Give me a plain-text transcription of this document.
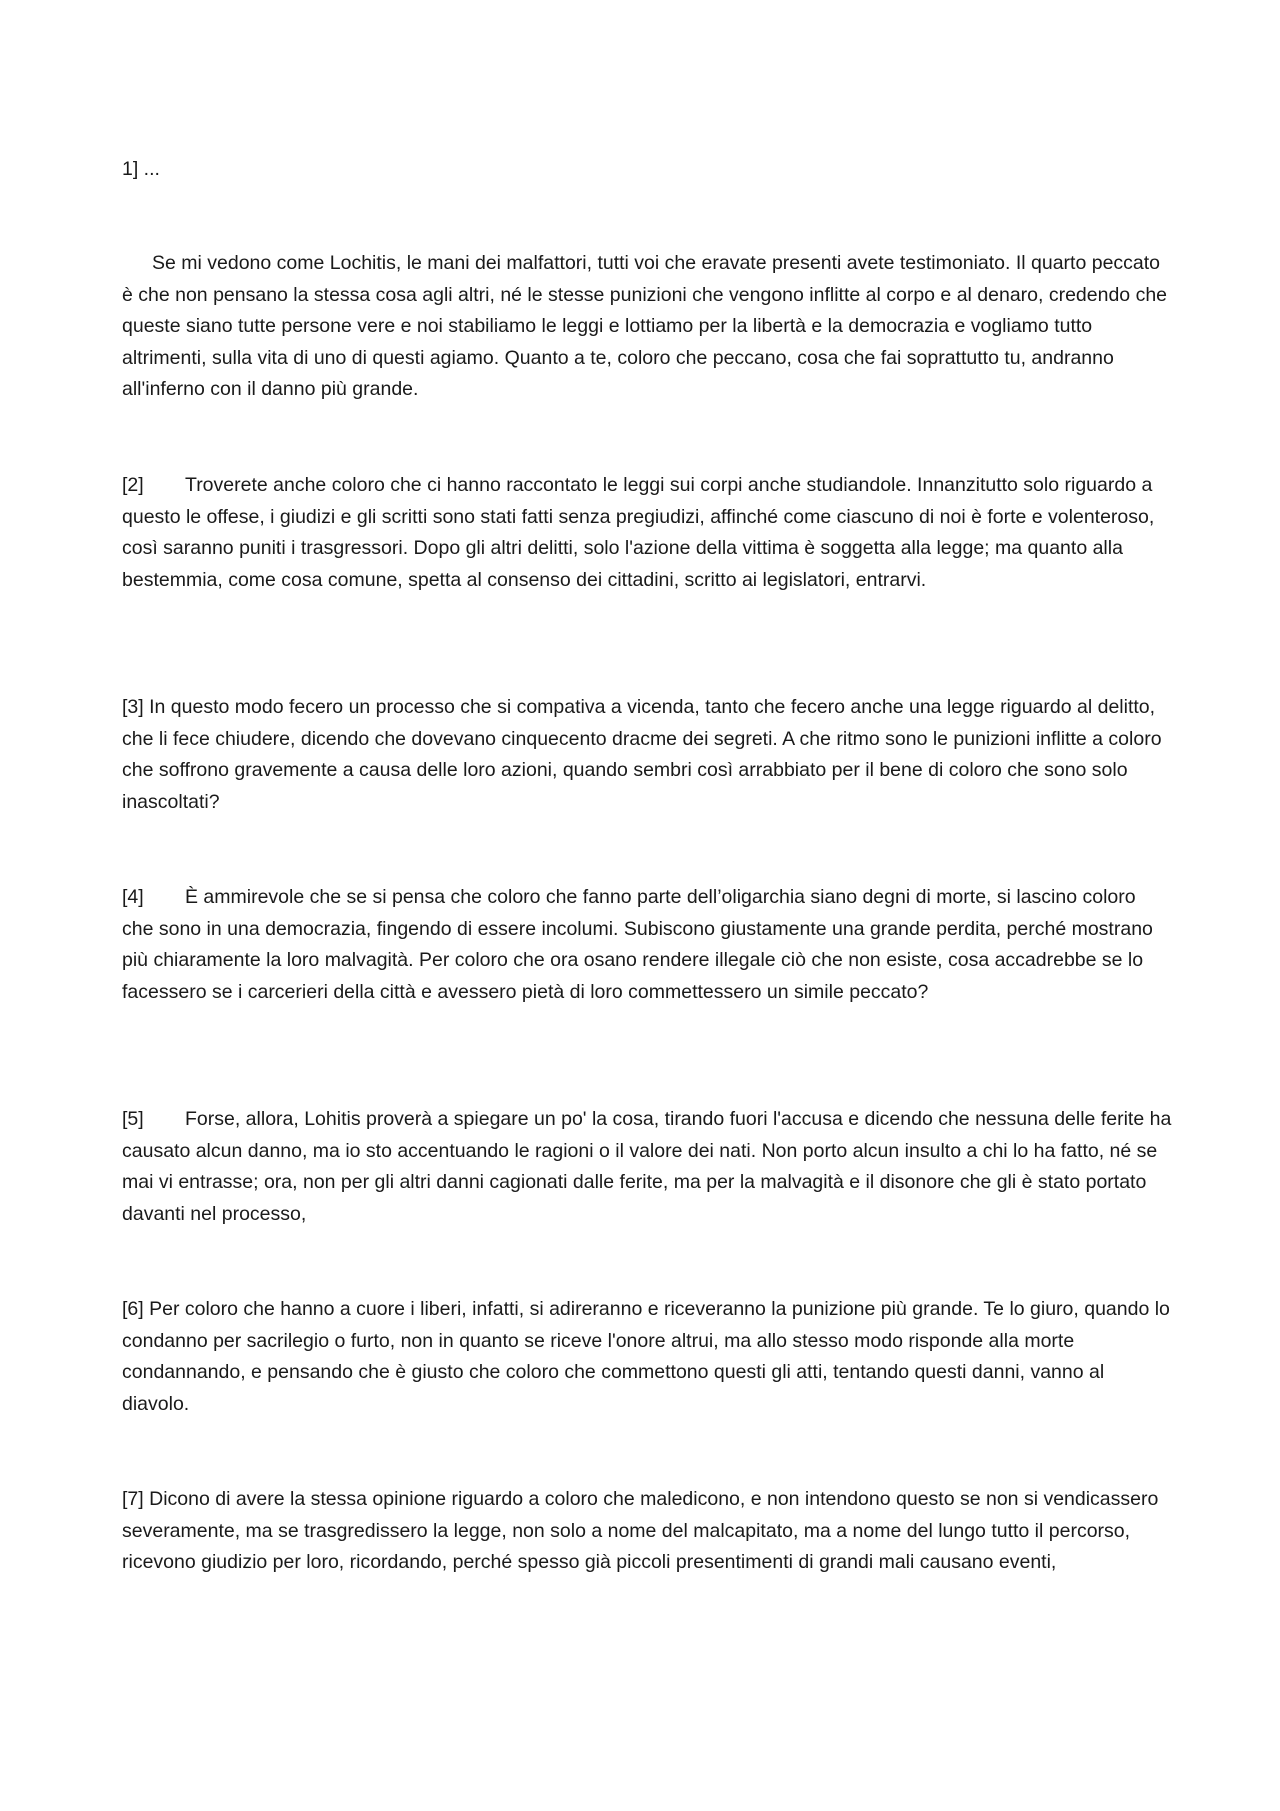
1] ...

Se mi vedono come Lochitis, le mani dei malfattori, tutti voi che eravate presenti avete testimoniato. Il quarto peccato è che non pensano la stessa cosa agli altri, né le stesse punizioni che vengono inflitte al corpo e al denaro, credendo che queste siano tutte persone vere e noi stabiliamo le leggi e lottiamo per la libertà e la democrazia e vogliamo tutto altrimenti, sulla vita di uno di questi agiamo. Quanto a te, coloro che peccano, cosa che fai soprattutto tu, andranno all'inferno con il danno più grande.

[2] Troverete anche coloro che ci hanno raccontato le leggi sui corpi anche studiandole. Innanzitutto solo riguardo a questo le offese, i giudizi e gli scritti sono stati fatti senza pregiudizi, affinché come ciascuno di noi è forte e volenteroso, così saranno puniti i trasgressori. Dopo gli altri delitti, solo l'azione della vittima è soggetta alla legge; ma quanto alla bestemmia, come cosa comune, spetta al consenso dei cittadini, scritto ai legislatori, entrarvi.

[3] In questo modo fecero un processo che si compativa a vicenda, tanto che fecero anche una legge riguardo al delitto, che li fece chiudere, dicendo che dovevano cinquecento dracme dei segreti. A che ritmo sono le punizioni inflitte a coloro che soffrono gravemente a causa delle loro azioni, quando sembri così arrabbiato per il bene di coloro che sono solo inascoltati?

[4] È ammirevole che se si pensa che coloro che fanno parte dell’oligarchia siano degni di morte, si lascino coloro che sono in una democrazia, fingendo di essere incolumi. Subiscono giustamente una grande perdita, perché mostrano più chiaramente la loro malvagità. Per coloro che ora osano rendere illegale ciò che non esiste, cosa accadrebbe se lo facessero se i carcerieri della città e avessero pietà di loro commettessero un simile peccato?

[5] Forse, allora, Lohitis proverà a spiegare un po' la cosa, tirando fuori l'accusa e dicendo che nessuna delle ferite ha causato alcun danno, ma io sto accentuando le ragioni o il valore dei nati. Non porto alcun insulto a chi lo ha fatto, né se mai vi entrasse; ora, non per gli altri danni cagionati dalle ferite, ma per la malvagità e il disonore che gli è stato portato davanti nel processo,

[6] Per coloro che hanno a cuore i liberi, infatti, si adireranno e riceveranno la punizione più grande. Te lo giuro, quando lo condanno per sacrilegio o furto, non in quanto se riceve l'onore altrui, ma allo stesso modo risponde alla morte condannando, e pensando che è giusto che coloro che commettono questi gli atti, tentando questi danni, vanno al diavolo.

[7] Dicono di avere la stessa opinione riguardo a coloro che maledicono, e non intendono questo se non si vendicassero severamente, ma se trasgredissero la legge, non solo a nome del malcapitato, ma a nome del lungo tutto il percorso, ricevono giudizio per loro, ricordando, perché spesso già piccoli presentimenti di grandi mali causano eventi,
